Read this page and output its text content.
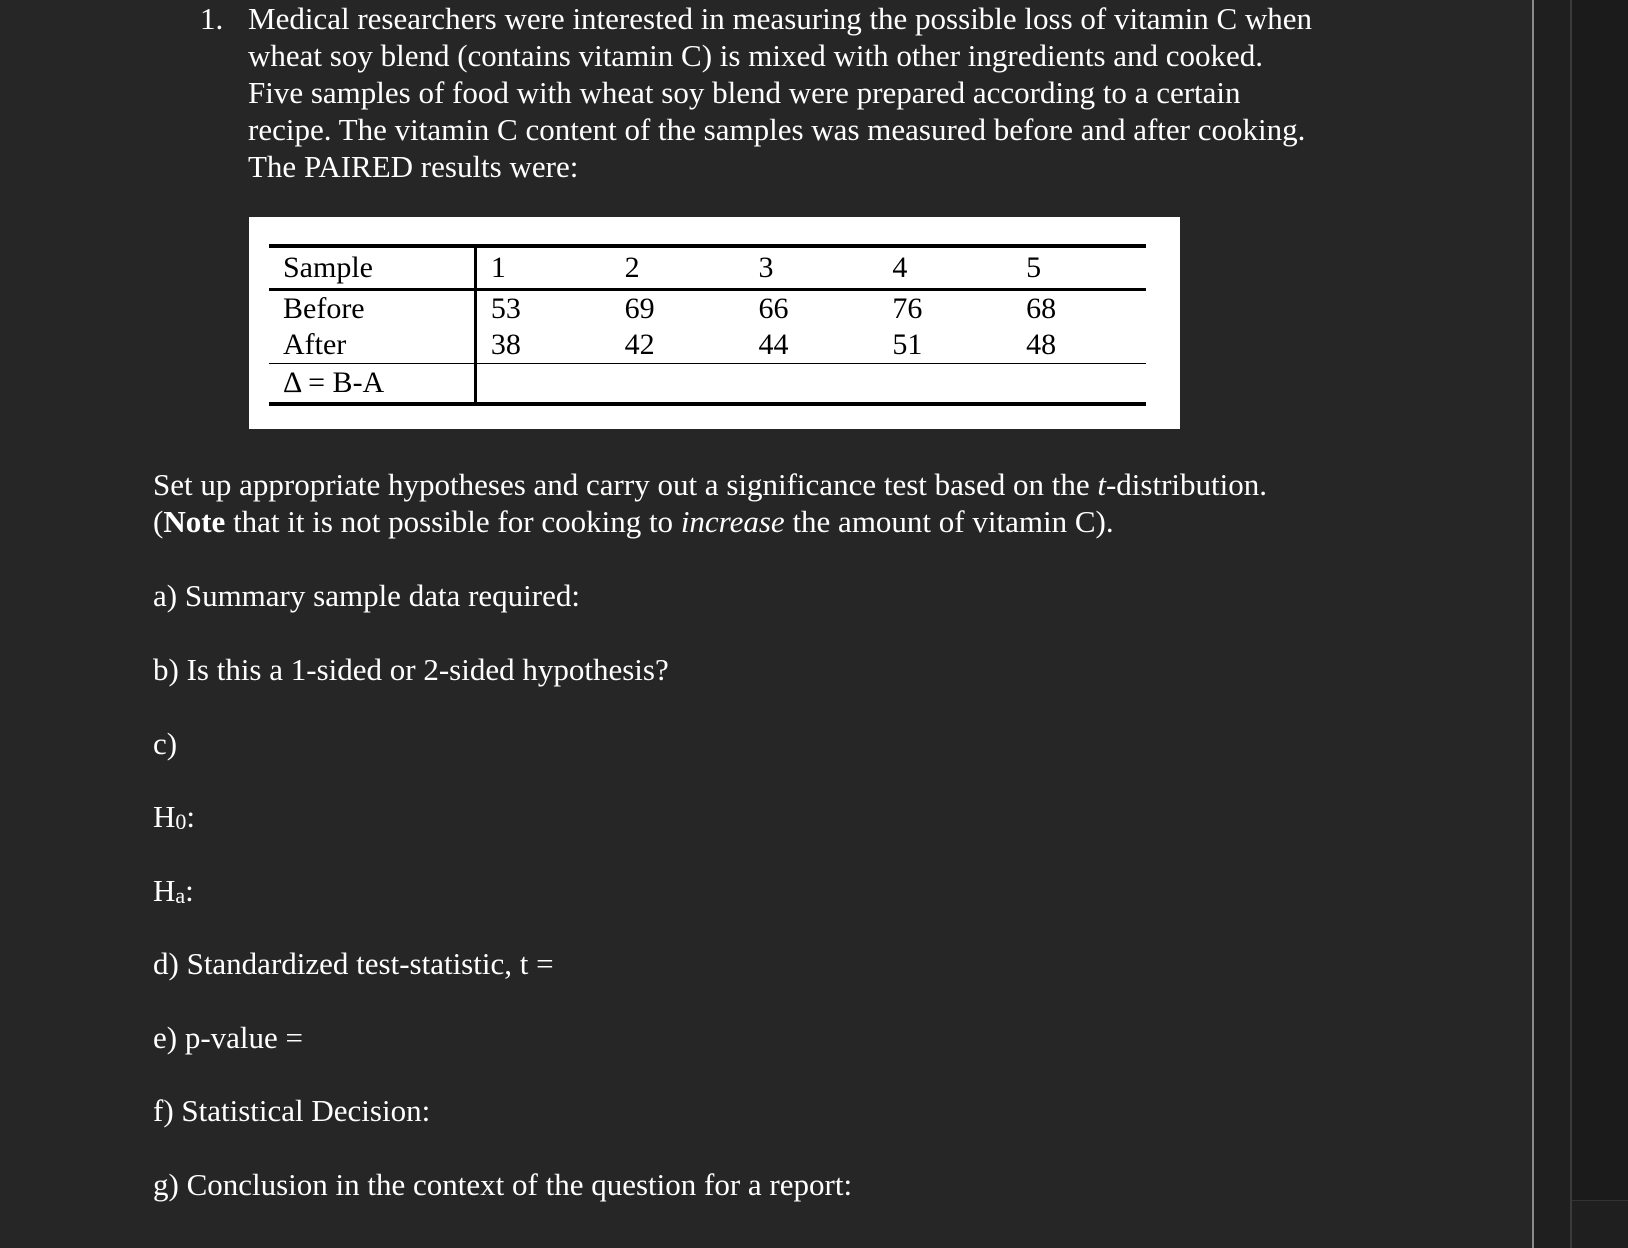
1. Medical researchers were interested in measuring the possible loss of vitamin C when
wheat soy blend (contains vitamin C) is mixed with other ingredients and cooked.
Five samples of food with wheat soy blend were prepared according to a certain
recipe. The vitamin C content of the samples was measured before and after cooking.
The PAIRED results were:
Sample	1	2	3	4	5
Before	53	69	66	76	68
After	38	42	44	51	48
Δ = B-A					
Set up appropriate hypotheses and carry out a significance test based on the t-distribution.
(Note that it is not possible for cooking to increase the amount of vitamin C).
a) Summary sample data required:
b) Is this a 1-sided or 2-sided hypothesis?
c)
H0:
Ha:
d) Standardized test-statistic, t =
e) p-value =
f) Statistical Decision:
g) Conclusion in the context of the question for a report:
